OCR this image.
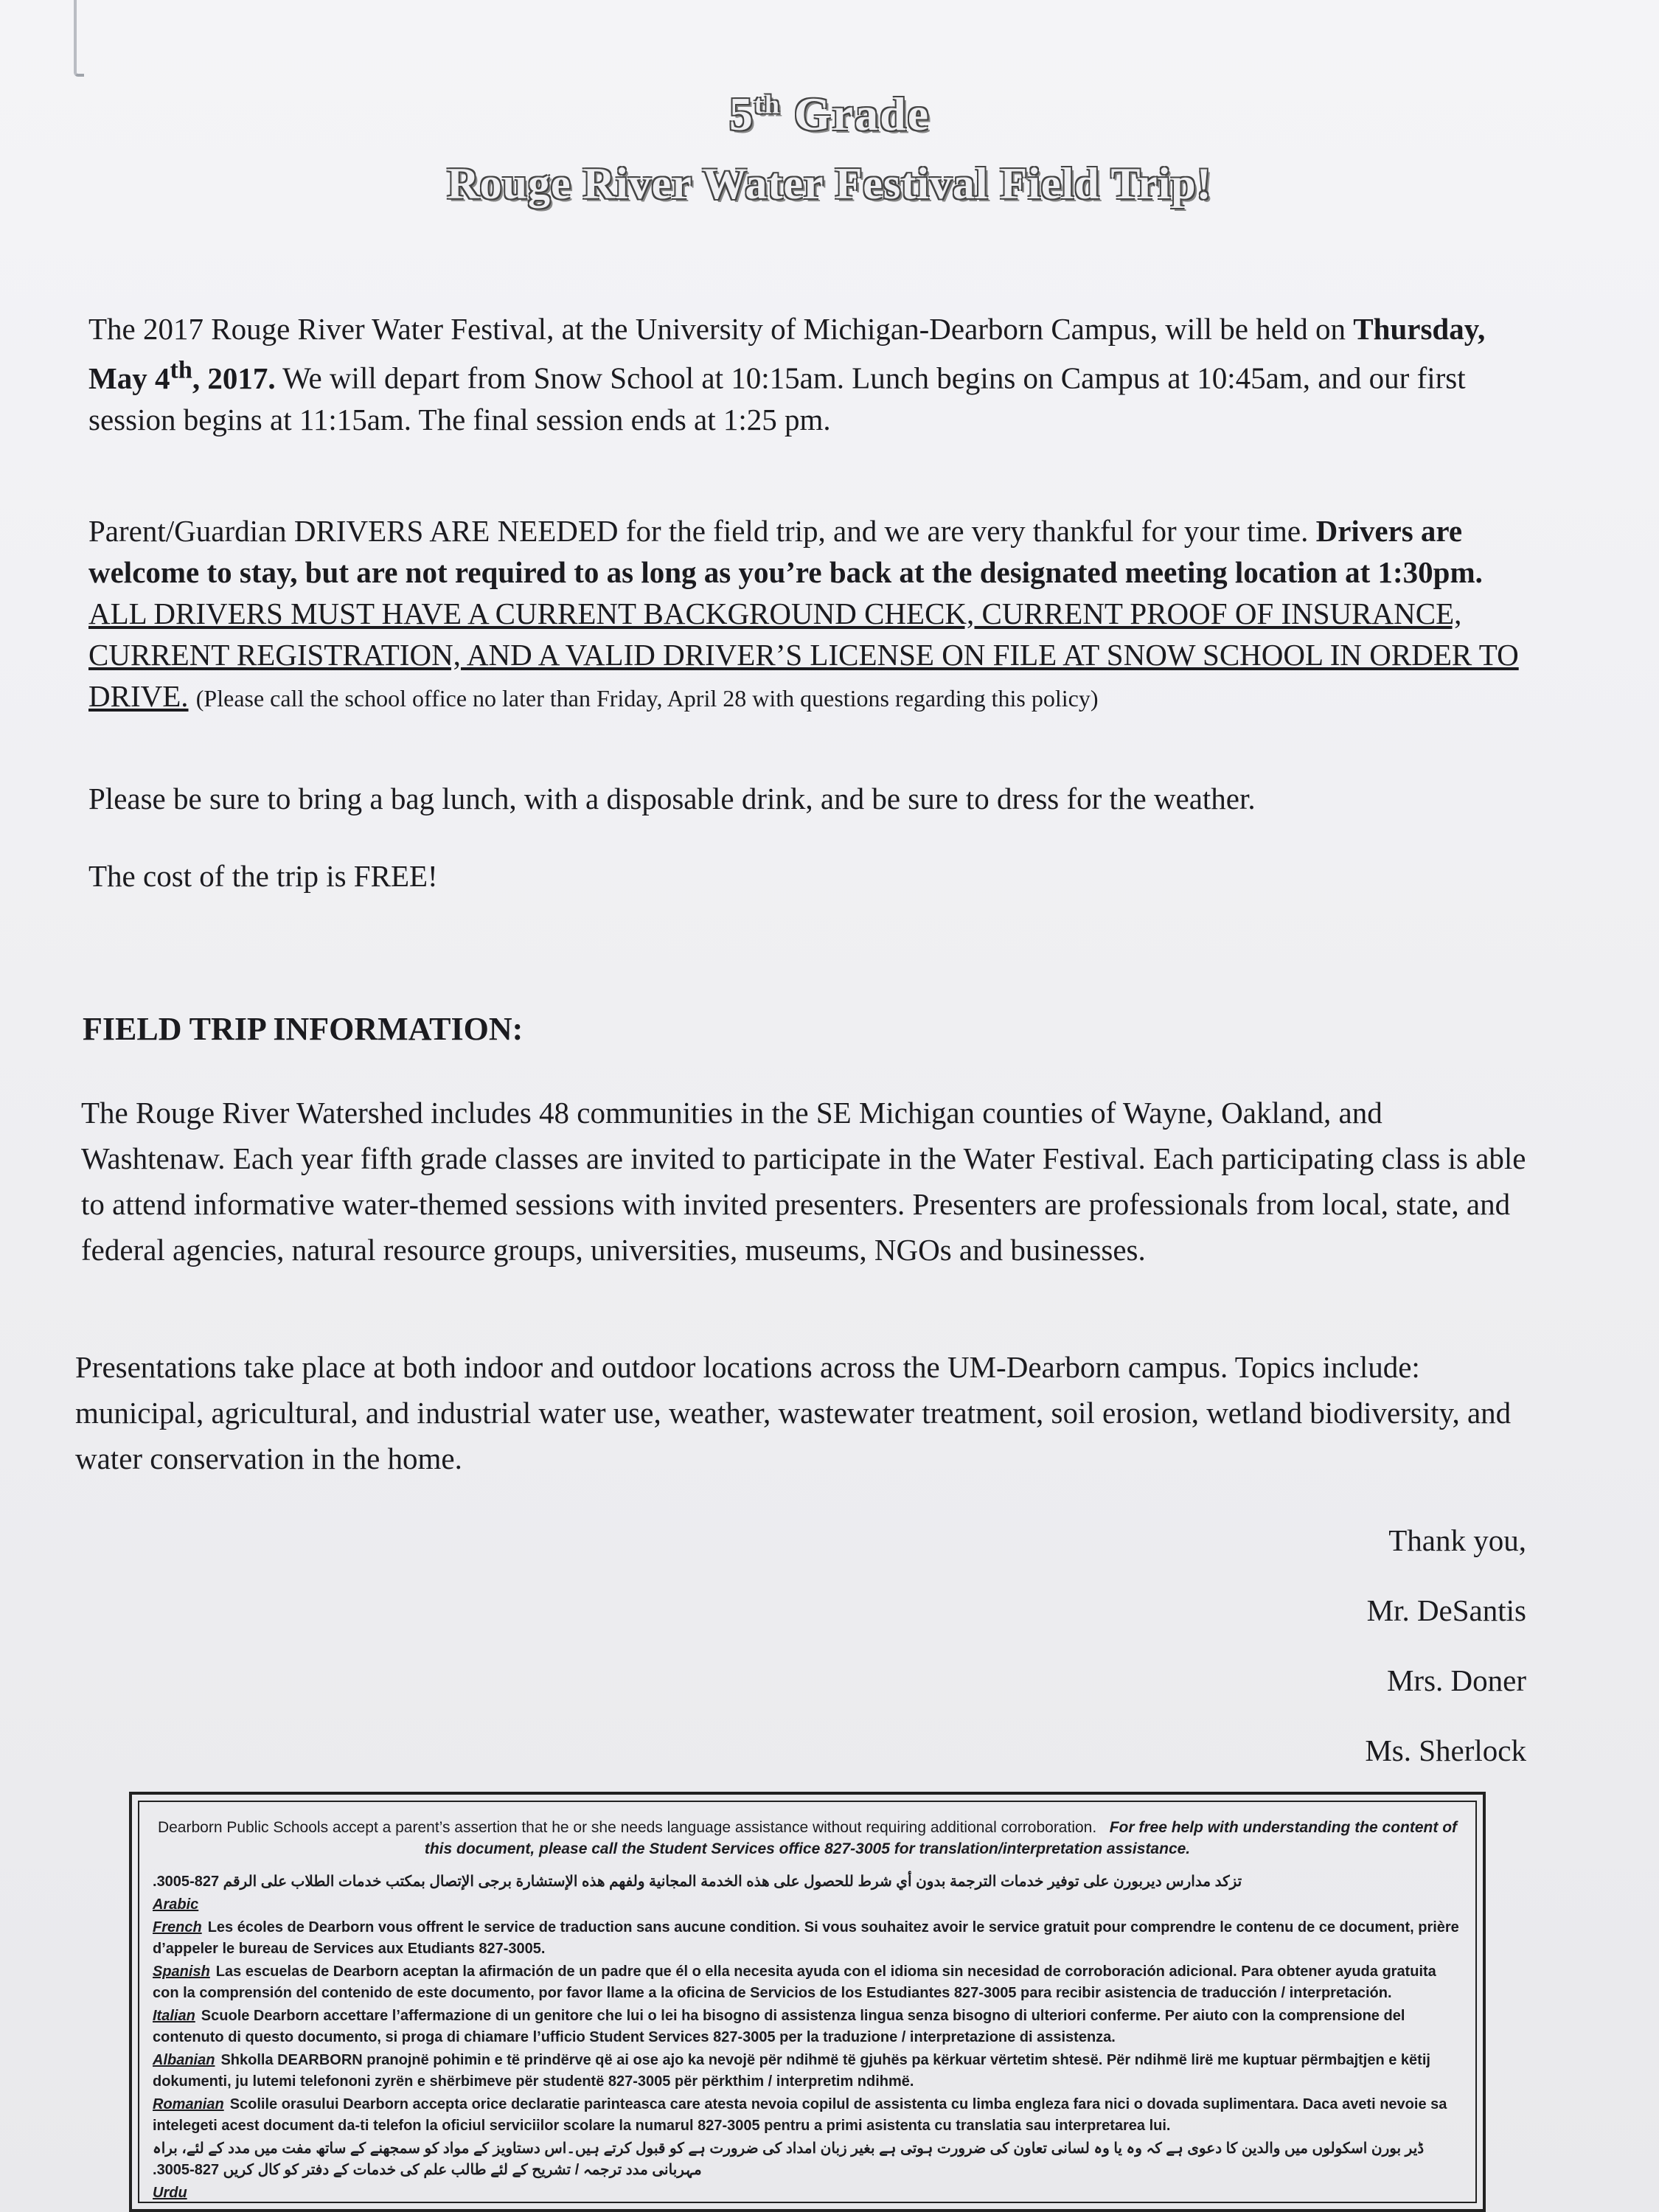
5th Grade
Rouge River Water Festival Field Trip!

The 2017 Rouge River Water Festival, at the University of Michigan-Dearborn Campus, will be held on Thursday, May 4th, 2017. We will depart from Snow School at 10:15am. Lunch begins on Campus at 10:45am, and our first session begins at 11:15am. The final session ends at 1:25 pm.

Parent/Guardian DRIVERS ARE NEEDED for the field trip, and we are very thankful for your time. Drivers are welcome to stay, but are not required to as long as you’re back at the designated meeting location at 1:30pm.   ALL DRIVERS MUST HAVE A CURRENT BACKGROUND CHECK, CURRENT PROOF OF INSURANCE, CURRENT REGISTRATION, AND A VALID DRIVER’S LICENSE ON FILE AT SNOW SCHOOL IN ORDER TO DRIVE. (Please call the school office no later than Friday, April 28 with questions regarding this policy)

Please be sure to bring a bag lunch, with a disposable drink, and be sure to dress for the weather.

The cost of the trip is FREE!

FIELD TRIP INFORMATION:

The Rouge River Watershed includes 48 communities in the SE Michigan counties of Wayne, Oakland, and Washtenaw. Each year fifth grade classes are invited to participate in the Water Festival. Each participating class is able to attend informative water-themed sessions with invited presenters. Presenters are professionals from local, state, and federal agencies, natural resource groups, universities, museums, NGOs and businesses.

Presentations take place at both indoor and outdoor locations across the UM-Dearborn campus. Topics include: municipal, agricultural, and industrial water use, weather, wastewater treatment, soil erosion, wetland biodiversity, and water conservation in the home.

Thank you,
Mr. DeSantis
Mrs. Doner
Ms. Sherlock
Dearborn Public Schools accept a parent’s assertion that he or she needs language assistance without requiring additional corroboration. For free help with understanding the content of this document, please call the Student Services office 827-3005 for translation/interpretation assistance.
تزكد مدارس ديربورن على توفير خدمات الترجمة بدون أي شرط للحصول على هذه الخدمة المجانية ولفهم هذه الإستشارة برجى الإتصال بمكتب خدمات الطلاب على الرقم 827-3005.
Arabic
French Les écoles de Dearborn vous offrent le service de traduction sans aucune condition. Si vous souhaitez avoir le service gratuit pour comprendre le contenu de ce document, prière d’appeler le bureau de Services aux Etudiants 827-3005.
Spanish Las escuelas de Dearborn aceptan la afirmación de un padre que él o ella necesita ayuda con el idioma sin necesidad de corroboración adicional. Para obtener ayuda gratuita con la comprensión del contenido de este documento, por favor llame a la oficina de Servicios de los Estudiantes 827-3005 para recibir asistencia de traducción / interpretación.
Italian Scuole Dearborn accettare l’affermazione di un genitore che lui o lei ha bisogno di assistenza lingua senza bisogno di ulteriori conferme. Per aiuto con la comprensione del contenuto di questo documento, si proga di chiamare l’ufficio Student Services 827-3005 per la traduzione / interpretazione di assistenza.
Albanian Shkolla DEARBORN pranojnë pohimin e të prindërve që ai ose ajo ka nevojë për ndihmë të gjuhës pa kërkuar vërtetim shtesë. Për ndihmë lirë me kuptuar përmbajtjen e këtij dokumenti, ju lutemi telefononi zyrën e shërbimeve për studentë 827-3005 për përkthim / interpretim ndihmë.
Romanian Scolile orasului Dearborn accepta orice declaratie parinteasca care atesta nevoia copilul de assistenta cu limba engleza fara nici o dovada suplimentara. Daca aveti nevoie sa intelegeti acest document da-ti telefon la oficiul serviciilor scolare la numarul 827-3005 pentru a primi asistenta cu translatia sau interpretarea lui.
ڈیر بورن اسکولوں میں والدین کا دعوی ہے کہ وہ یا وہ لسانی تعاون کی ضرورت ہوتی ہے بغیر زبان امداد کی ضرورت ہے کو قبول کرتے ہیں۔اس دستاویز کے مواد کو سمجھنے کے ساتھ مفت میں مدد کے لئے، براہ مہربانی مدد ترجمہ / تشریح کے لئے طالب علم کی خدمات کے دفتر کو کال کریں 827-3005.
Urdu
